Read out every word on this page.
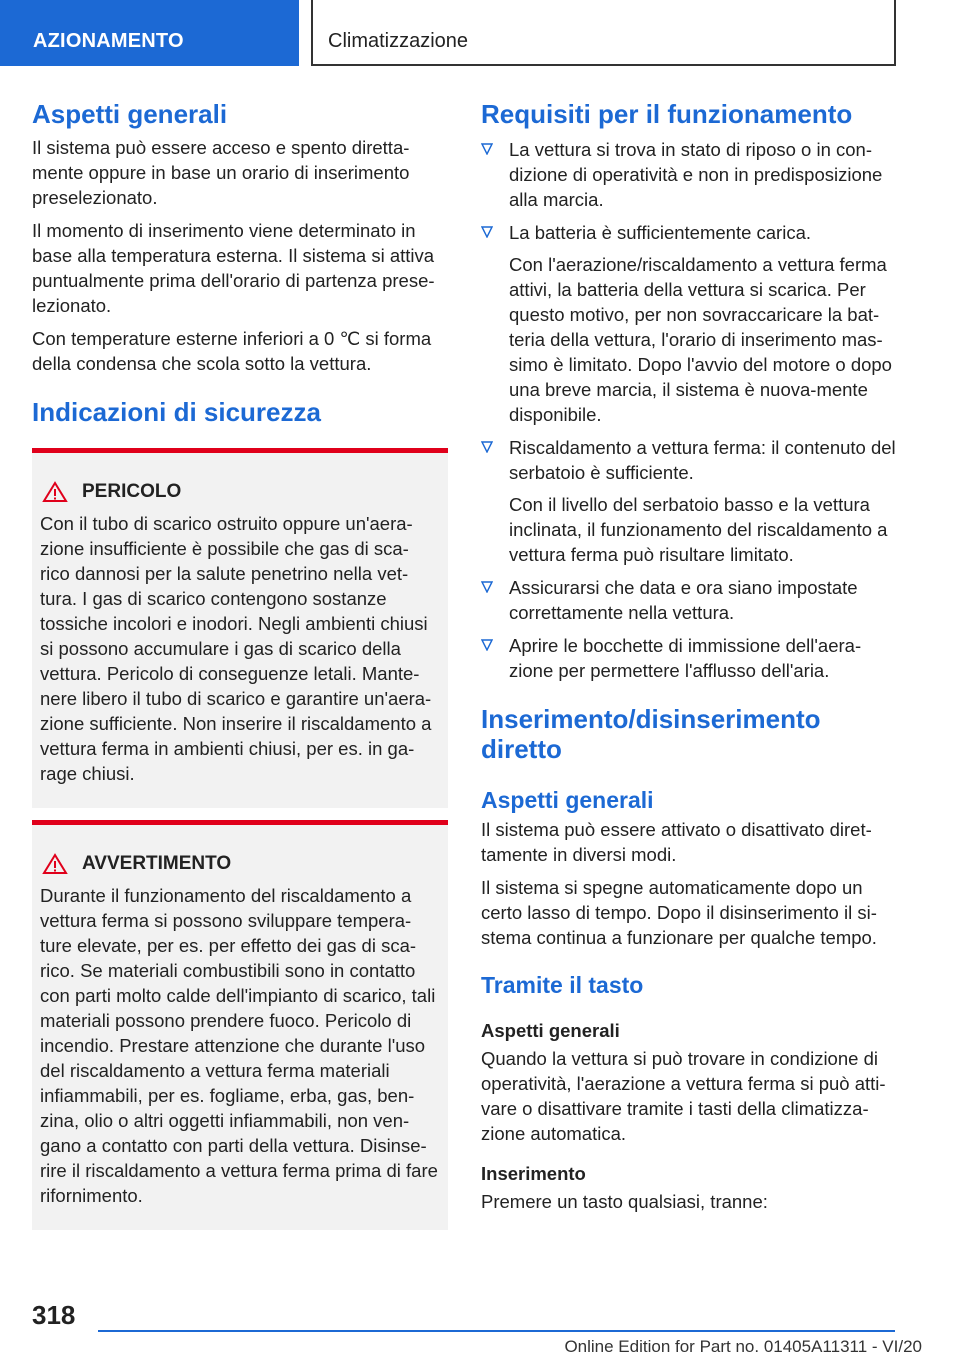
AZIONAMENTO	Climatizzazione
Aspetti generali

Il sistema può essere acceso e spento diretta-mente oppure in base un orario di inserimento preselezionato.

Il momento di inserimento viene determinato in base alla temperatura esterna. Il sistema si attiva puntualmente prima dell'orario di partenza prese-lezionato.

Con temperature esterne inferiori a 0 ℃ si forma della condensa che scola sotto la vettura.

Indicazioni di sicurezza
PERICOLO

Con il tubo di scarico ostruito oppure un'aera-zione insufficiente è possibile che gas di sca-rico dannosi per la salute penetrino nella vet-tura. I gas di scarico contengono sostanze tossiche incolori e inodori. Negli ambienti chiusi si possono accumulare i gas di scarico della vettura. Pericolo di conseguenze letali. Mante-nere libero il tubo di scarico e garantire un'aera-zione sufficiente. Non inserire il riscaldamento a vettura ferma in ambienti chiusi, per es. in ga-rage chiusi.

AVVERTIMENTO

Durante il funzionamento del riscaldamento a vettura ferma si possono sviluppare tempera-ture elevate, per es. per effetto dei gas di sca-rico. Se materiali combustibili sono in contatto con parti molto calde dell'impianto di scarico, tali materiali possono prendere fuoco. Pericolo di incendio. Prestare attenzione che durante l'uso del riscaldamento a vettura ferma materiali infiammabili, per es. fogliame, erba, gas, ben-zina, olio o altri oggetti infiammabili, non ven-gano a contatto con parti della vettura. Disinse-rire il riscaldamento a vettura ferma prima di fare rifornimento.

Requisiti per il funzionamento

La vettura si trova in stato di riposo o in con-dizione di operatività e non in predisposizione alla marcia.

La batteria è sufficientemente carica.

Con l'aerazione/riscaldamento a vettura ferma attivi, la batteria della vettura si scarica. Per questo motivo, per non sovraccaricare la bat-teria della vettura, l'orario di inserimento mas-simo è limitato. Dopo l'avvio del motore o dopo una breve marcia, il sistema è nuova-mente disponibile.

Riscaldamento a vettura ferma: il contenuto del serbatoio è sufficiente.

Con il livello del serbatoio basso e la vettura inclinata, il funzionamento del riscaldamento a vettura ferma può risultare limitato.

Assicurarsi che data e ora siano impostate correttamente nella vettura.

Aprire le bocchette di immissione dell'aera-zione per permettere l'afflusso dell'aria.

Inserimento/disinserimento diretto
Aspetti generali

Il sistema può essere attivato o disattivato diret-tamente in diversi modi.

Il sistema si spegne automaticamente dopo un certo lasso di tempo. Dopo il disinserimento il si-stema continua a funzionare per qualche tempo.

Tramite il tasto
Aspetti generali

Quando la vettura si può trovare in condizione di operatività, l'aerazione a vettura ferma si può atti-vare o disattivare tramite i tasti della climatizza-zione automatica.

Inserimento

Premere un tasto qualsiasi, tranne:

318
Online Edition for Part no. 01405A11311 - VI/20
